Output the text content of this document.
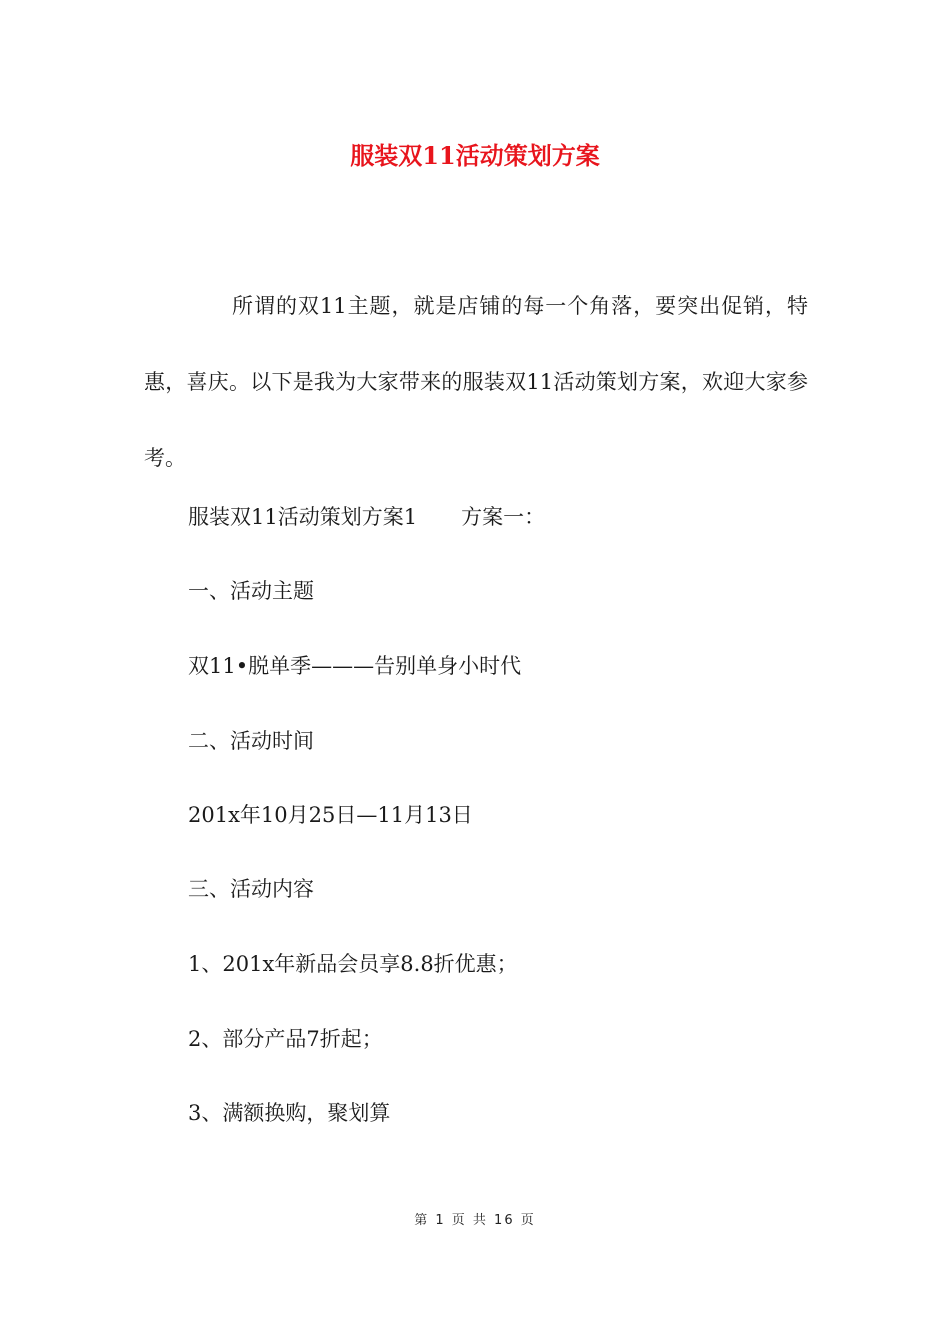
服装双11活动策划方案
所谓的双11主题，就是店铺的每一个角落，要突出促销，特惠，喜庆。以下是我为大家带来的服装双11活动策划方案，欢迎大家参考。
服装双11活动策划方案1 方案一：
一、活动主题
双11•脱单季———告别单身小时代
二、活动时间
201x年10月25日—11月13日
三、活动内容
1、201x年新品会员享8.8折优惠；
2、部分产品7折起；
3、满额换购，聚划算
第 1 页 共 16 页
